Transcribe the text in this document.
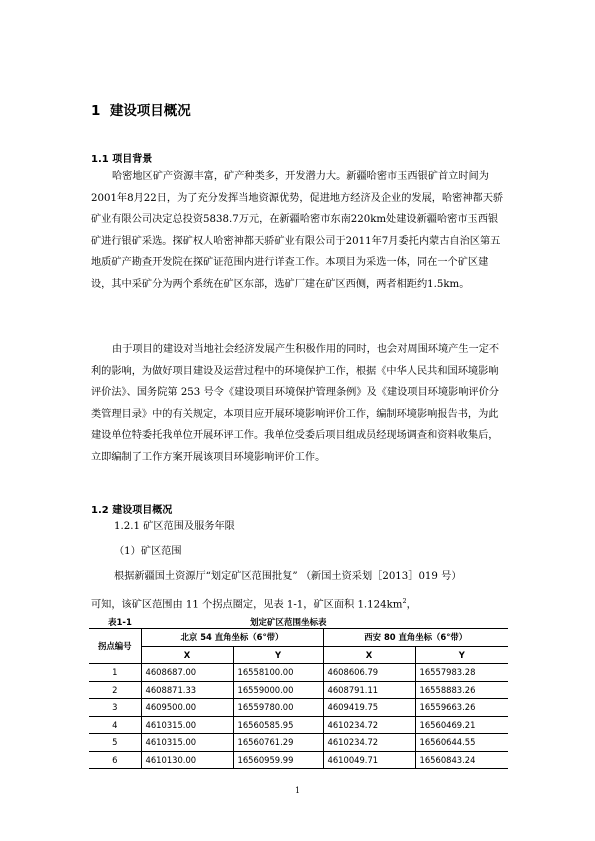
1 建设项目概况
1.1 项目背景

哈密地区矿产资源丰富，矿产种类多，开发潜力大。新疆哈密市玉西银矿首立时间为2001年8月22日，为了充分发挥当地资源优势，促进地方经济及企业的发展，哈密神都天骄矿业有限公司决定总投资5838.7万元，在新疆哈密市东南220km处建设新疆哈密市玉西银矿进行银矿采选。探矿权人哈密神都天骄矿业有限公司于2011年7月委托内蒙古自治区第五地质矿产勘查开发院在探矿证范围内进行详查工作。本项目为采选一体，同在一个矿区建设，其中采矿分为两个系统在矿区东部，选矿厂建在矿区西侧，两者相距约1.5km。

由于项目的建设对当地社会经济发展产生积极作用的同时，也会对周围环境产生一定不利的影响，为做好项目建设及运营过程中的环境保护工作，根据《中华人民共和国环境影响评价法》、国务院第 253 号令《建设项目环境保护管理条例》及《建设项目环境影响评价分类管理目录》中的有关规定，本项目应开展环境影响评价工作，编制环境影响报告书，为此建设单位特委托我单位开展环评工作。我单位受委后项目组成员经现场调查和资料收集后，立即编制了工作方案开展该项目环境影响评价工作。

1.2 建设项目概况
1.2.1 矿区范围及服务年限
（1）矿区范围
根据新疆国土资源厅“划定矿区范围批复” （新国土资采划［2013］019 号）
可知，该矿区范围由 11 个拐点圈定，见表 1-1，矿区面积 $1.124km^2$，
表1-1	划定矿区范围坐标表
拐点编号	北京 54 直角坐标（6°带）		西安 80 直角坐标（6°带）	
	X	Y	X	Y
1	4608687.00	16558100.00	4608606.79	16557983.28
2	4608871.33	16559000.00	4608791.11	16558883.26
3	4609500.00	16559780.00	4609419.75	16559663.26
4	4610315.00	16560585.95	4610234.72	16560469.21
5	4610315.00	16560761.29	4610234.72	16560644.55
6	4610130.00	16560959.99	4610049.71	16560843.24
1
